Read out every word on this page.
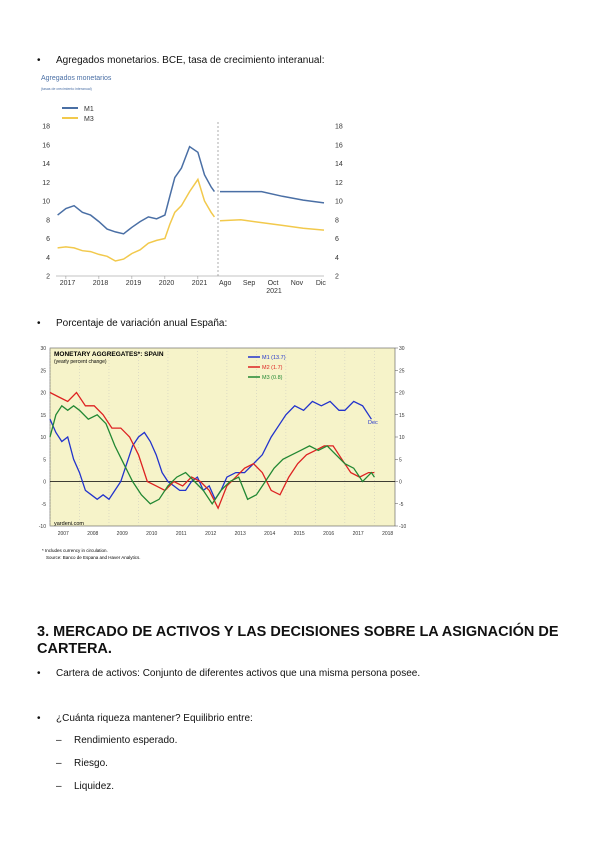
• Agregados monetarios. BCE, tasa de crecimiento interanual:
Agregados monetarios
(tasas de crecimiento interanual)
M1
M3
2
4
6
8
10
12
14
16
18
2
4
6
8
10
12
14
16
18
2017 2018 2019 2020 2021 Ago Sep Oct Nov Dic
2021
• Porcentaje de variación anual España:
30
25
20
15
10
5
0
-5
-10
30
25
20
15
10
5
0
-5
-10
2007	2008	2009	2010	2011	2012	2013	2014	2015	2016	2017	2018
MONETARY AGGREGATES*: SPAIN
(yearly percent change)
M1 (13.7)
M2 (1.7)
M3 (0.8)
Dec
yardeni.com
* Includes currency in circulation.
Source: Banco de Espana and Haver Analytics.
3. MERCADO DE ACTIVOS Y LAS DECISIONES SOBRE LA ASIGNACIÓN DE CARTERA.
• Cartera de activos: Conjunto de diferentes activos que una misma persona posee.
• ¿Cuánta riqueza mantener? Equilibrio entre:
– Rendimiento esperado.
– Riesgo.
– Liquidez.
